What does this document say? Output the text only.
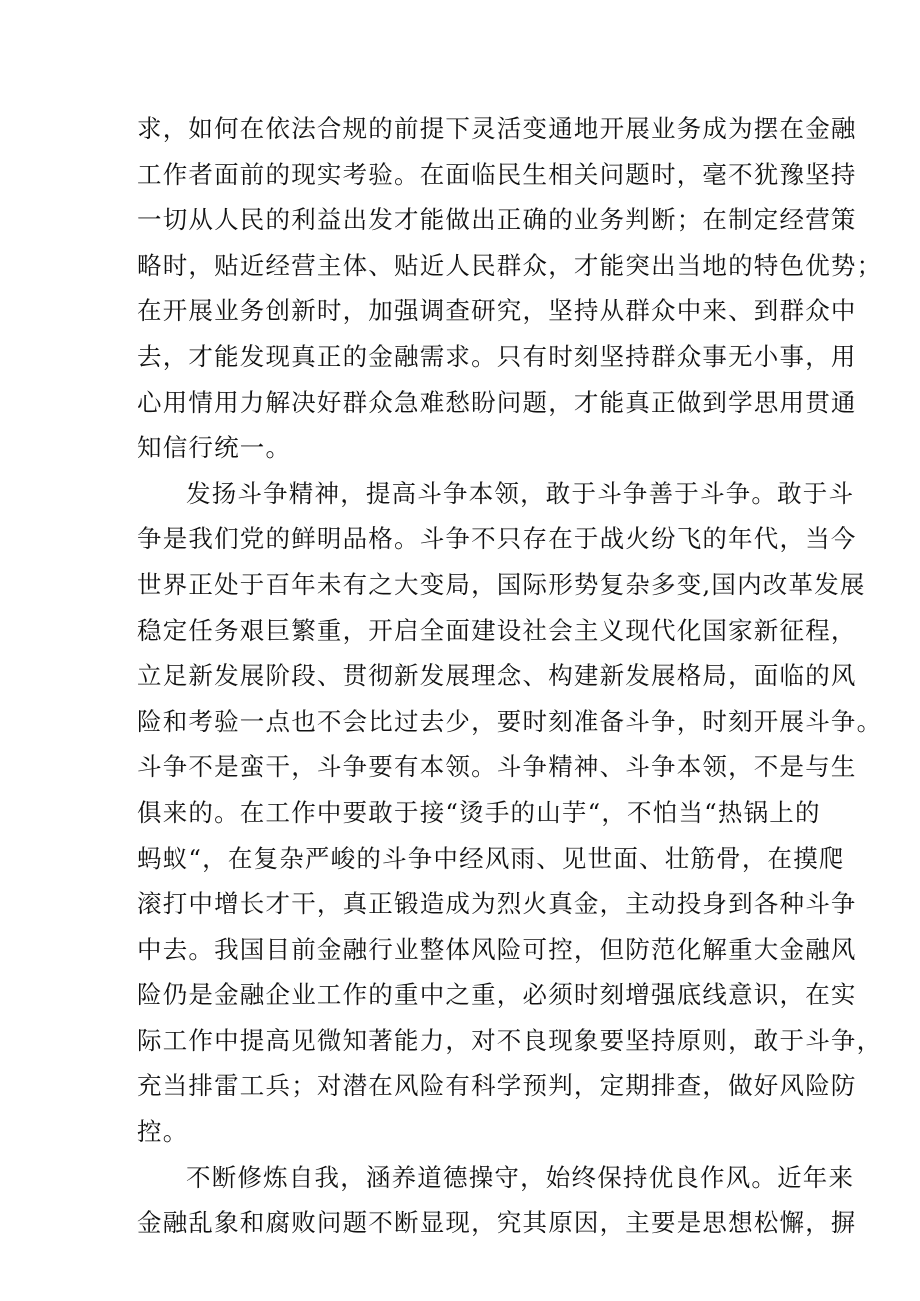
求，如何在依法合规的前提下灵活变通地开展业务成为摆在金融
工作者面前的现实考验。在面临民生相关问题时，毫不犹豫坚持
一切从人民的利益出发才能做出正确的业务判断；在制定经营策
略时，贴近经营主体、贴近人民群众，才能突出当地的特色优势；
在开展业务创新时，加强调查研究，坚持从群众中来、到群众中
去，才能发现真正的金融需求。只有时刻坚持群众事无小事，用
心用情用力解决好群众急难愁盼问题，才能真正做到学思用贯通
知信行统一。
发扬斗争精神，提高斗争本领，敢于斗争善于斗争。敢于斗
争是我们党的鲜明品格。斗争不只存在于战火纷飞的年代，当今
世界正处于百年未有之大变局，国际形势复杂多变,国内改革发展
稳定任务艰巨繁重，开启全面建设社会主义现代化国家新征程，
立足新发展阶段、贯彻新发展理念、构建新发展格局，面临的风
险和考验一点也不会比过去少，要时刻准备斗争，时刻开展斗争。
斗争不是蛮干，斗争要有本领。斗争精神、斗争本领，不是与生
俱来的。在工作中要敢于接“烫手的山芋“，不怕当“热锅上的
蚂蚁“，在复杂严峻的斗争中经风雨、见世面、壮筋骨，在摸爬
滚打中增长才干，真正锻造成为烈火真金，主动投身到各种斗争
中去。我国目前金融行业整体风险可控，但防范化解重大金融风
险仍是金融企业工作的重中之重，必须时刻增强底线意识，在实
际工作中提高见微知著能力，对不良现象要坚持原则，敢于斗争，
充当排雷工兵；对潜在风险有科学预判，定期排查，做好风险防
控。
不断修炼自我，涵养道德操守，始终保持优良作风。近年来
金融乱象和腐败问题不断显现，究其原因，主要是思想松懈，摒
